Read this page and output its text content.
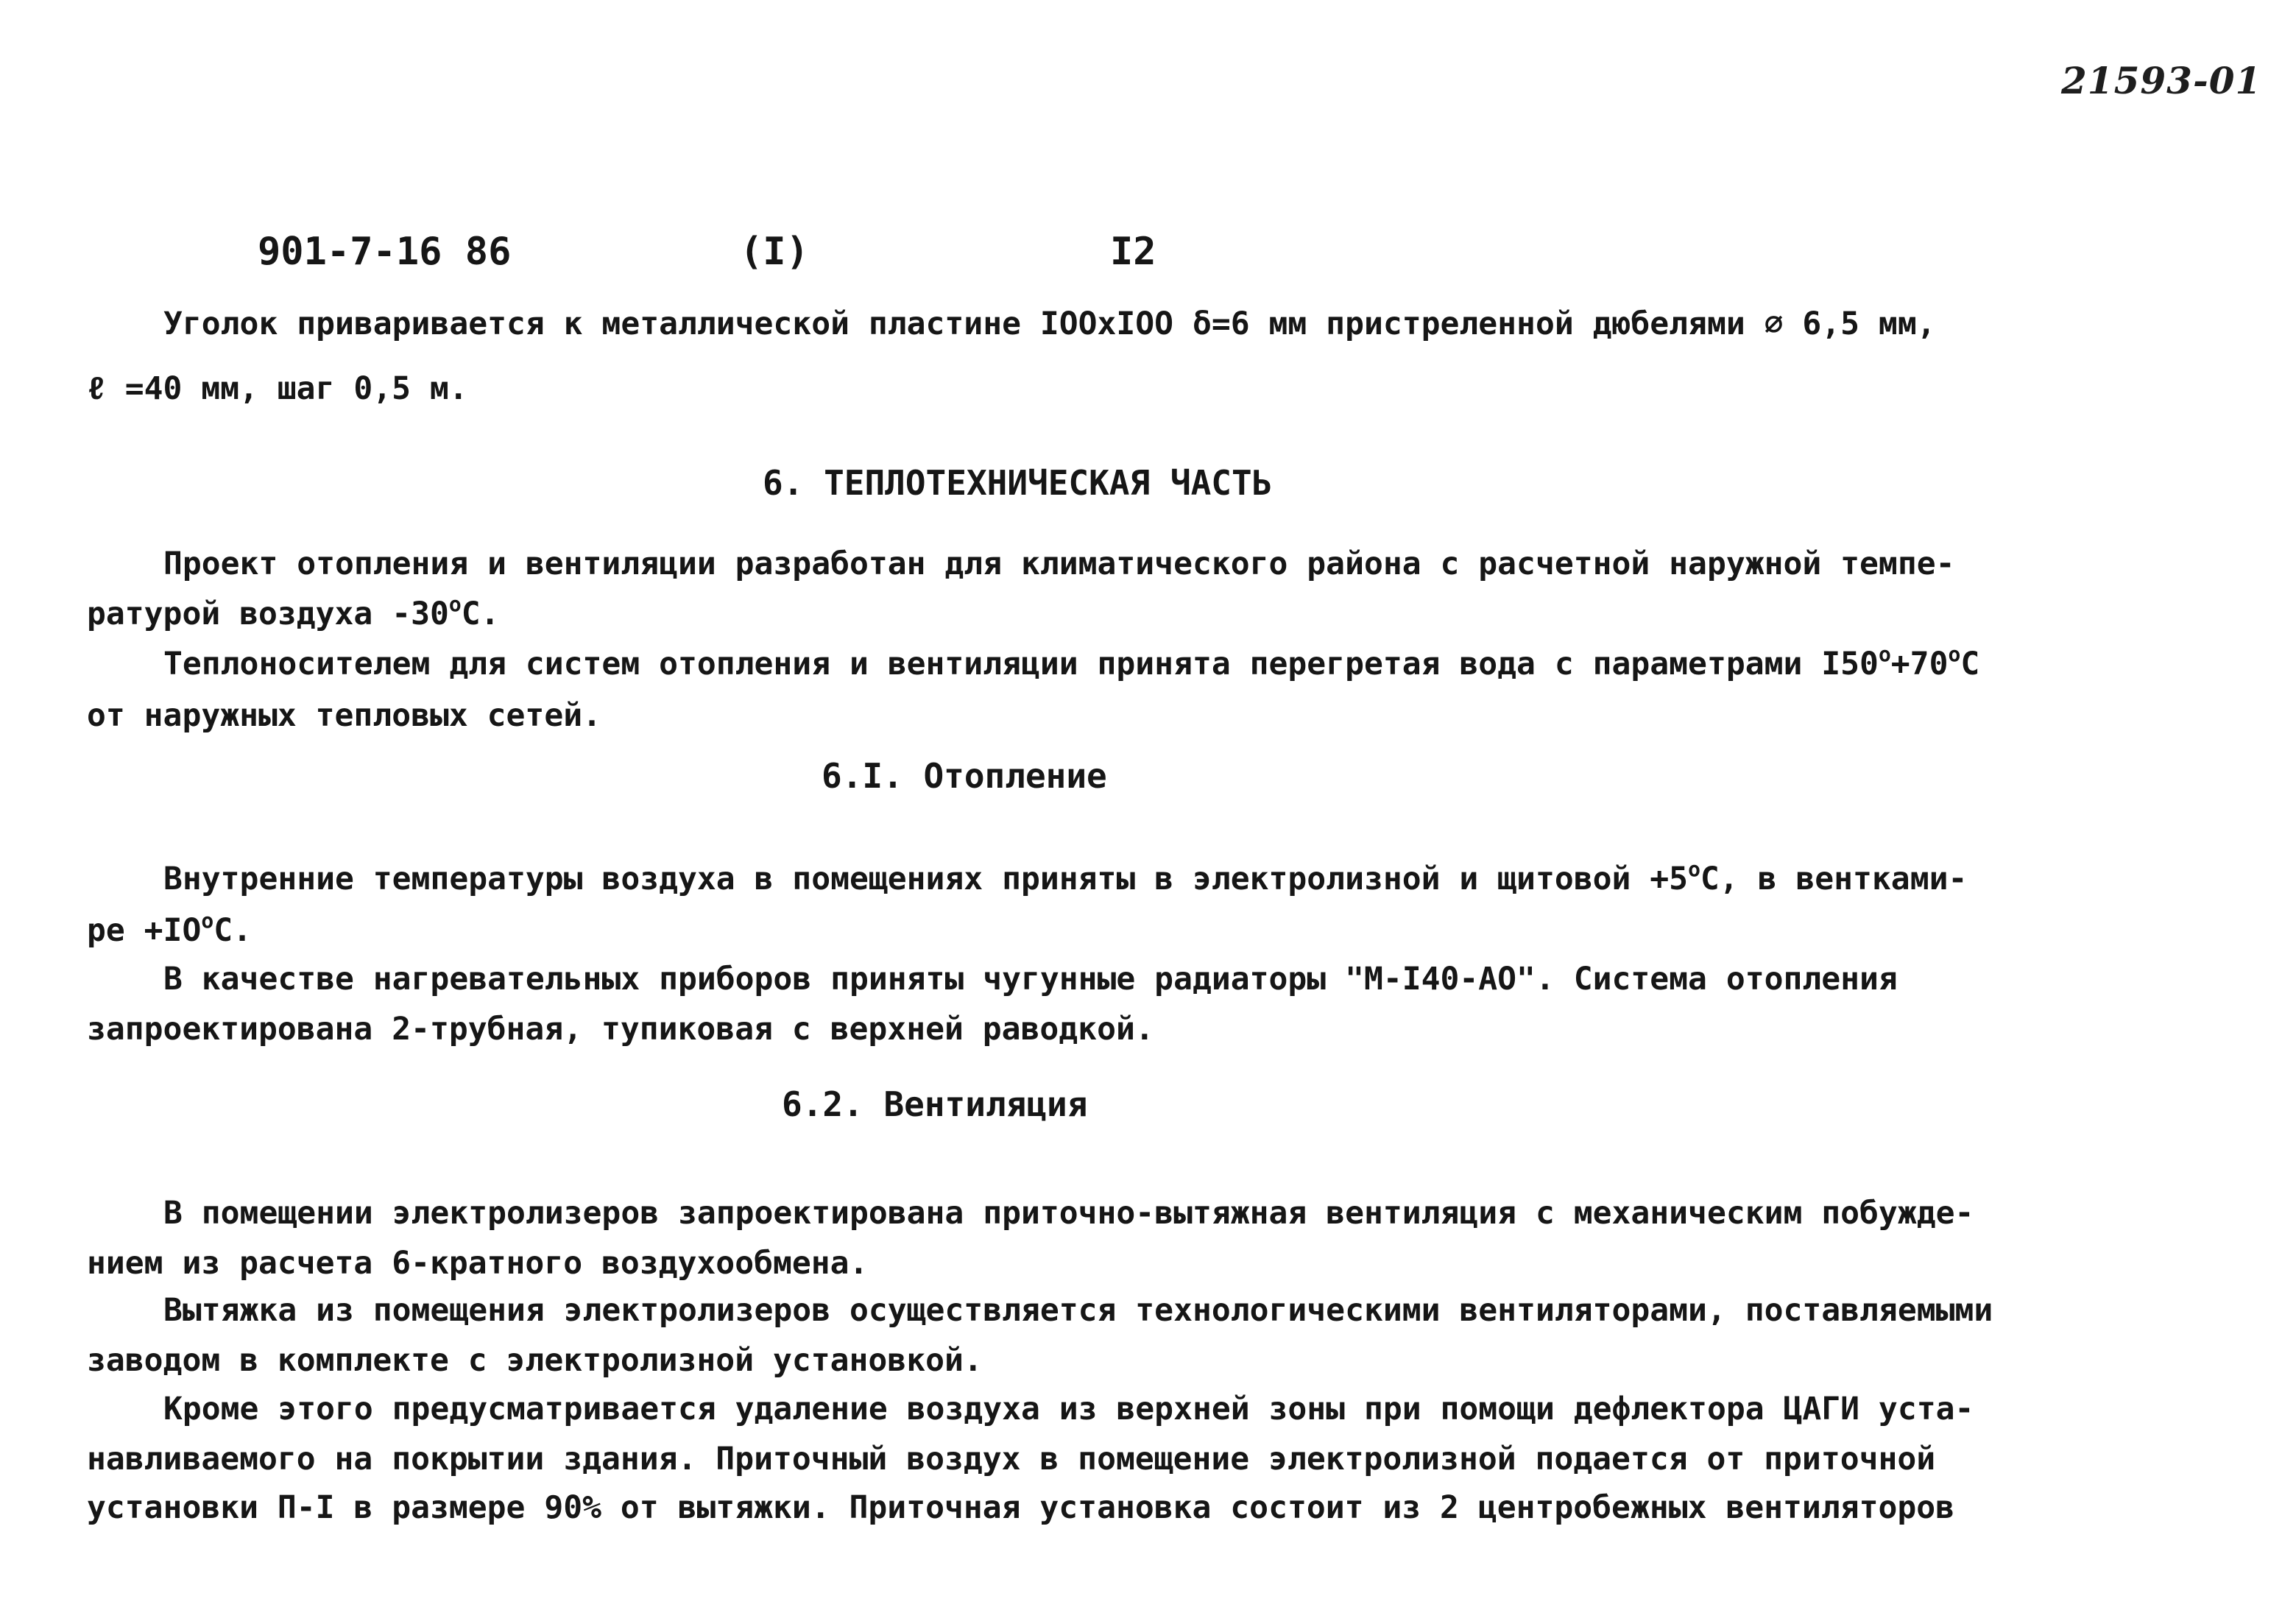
21593-01
901-7-16 86	(I)	I2
Уголок приваривается к металлической пластине IOOxIOO δ=6 мм пристреленной дюбелями ∅ 6,5 мм,
ℓ =40 мм, шаг 0,5 м.
6. ТЕПЛОТЕХНИЧЕСКАЯ ЧАСТЬ
Проект отопления и вентиляции разработан для климатического района с расчетной наружной темпе-
ратурой воздуха -30$^o$С.
Теплоносителем для систем отопления и вентиляции принята перегретая вода с параметрами $I50^o+70^oС$
от наружных тепловых сетей.
6.I. Отопление
Внутренние температуры воздуха в помещениях приняты в электролизной и щитовой $+5^oС$, в вентками-
ре $+IO^oС$.
В качестве нагревательных приборов приняты чугунные радиаторы "М-I40-АО". Система отопления
запроектирована 2-трубная, тупиковая с верхней раводкой.
6.2. Вентиляция
В помещении электролизеров запроектирована приточно-вытяжная вентиляция с механическим побужде-
нием из расчета 6-кратного воздухообмена.
Вытяжка из помещения электролизеров осуществляется технологическими вентиляторами, поставляемыми
заводом в комплекте с электролизной установкой.
Кроме этого предусматривается удаление воздуха из верхней зоны при помощи дефлектора ЦАГИ уста-
навливаемого на покрытии здания. Приточный воздух в помещение электролизной подается от приточной
установки П-I в размере 90% от вытяжки. Приточная установка состоит из 2 центробежных вентиляторов
